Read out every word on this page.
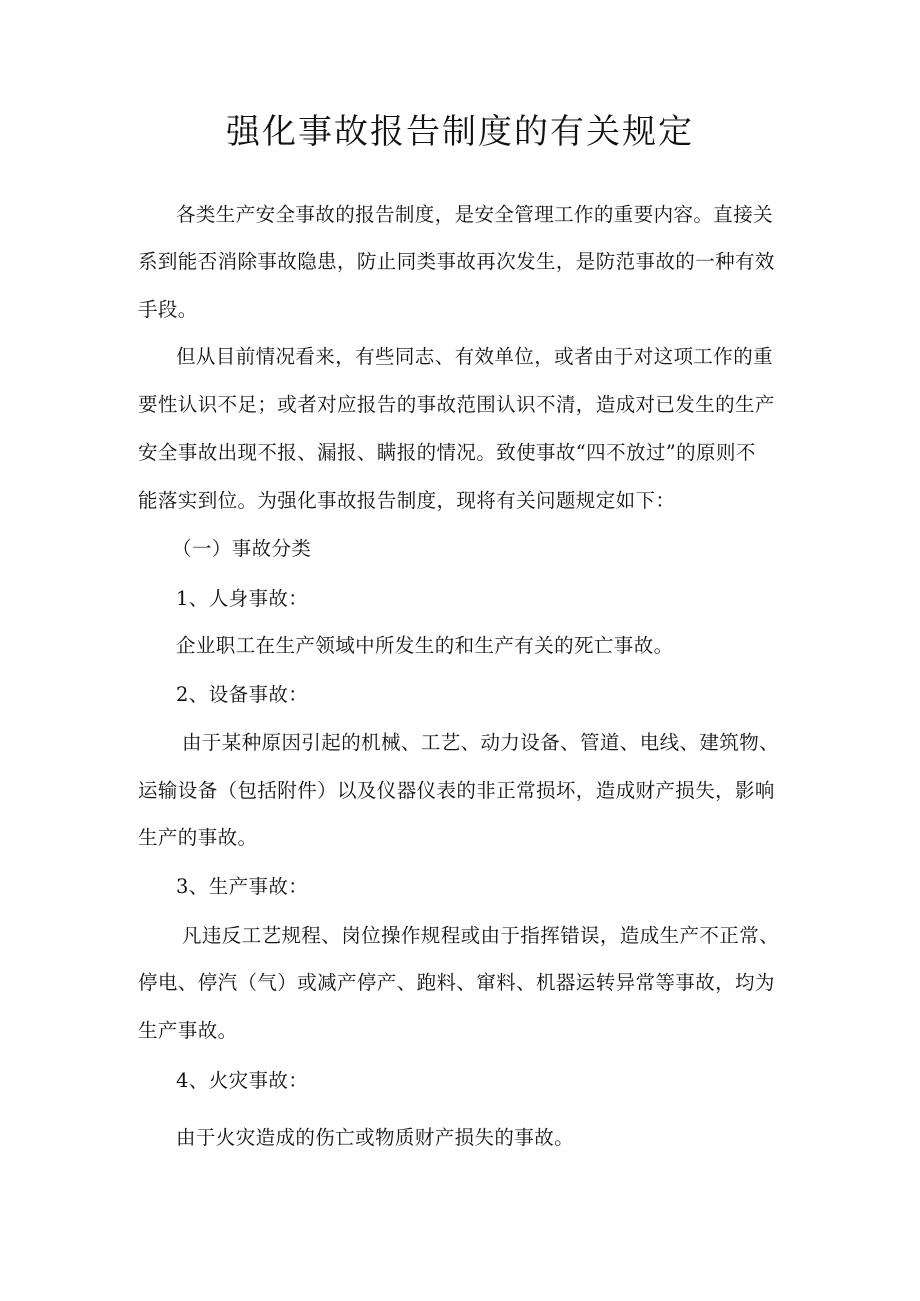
强化事故报告制度的有关规定
各类生产安全事故的报告制度，是安全管理工作的重要内容。直接关
系到能否消除事故隐患，防止同类事故再次发生，是防范事故的一种有效
手段。
但从目前情况看来，有些同志、有效单位，或者由于对这项工作的重
要性认识不足；或者对应报告的事故范围认识不清，造成对已发生的生产
安全事故出现不报、漏报、瞒报的情况。致使事故“四不放过”的原则不
能落实到位。为强化事故报告制度，现将有关问题规定如下：
（一）事故分类
1、人身事故：
企业职工在生产领域中所发生的和生产有关的死亡事故。
2、设备事故：
由于某种原因引起的机械、工艺、动力设备、管道、电线、建筑物、
运输设备（包括附件）以及仪器仪表的非正常损坏，造成财产损失，影响
生产的事故。
3、生产事故：
凡违反工艺规程、岗位操作规程或由于指挥错误，造成生产不正常、
停电、停汽（气）或减产停产、跑料、窜料、机器运转异常等事故，均为
生产事故。
4、火灾事故：
由于火灾造成的伤亡或物质财产损失的事故。
